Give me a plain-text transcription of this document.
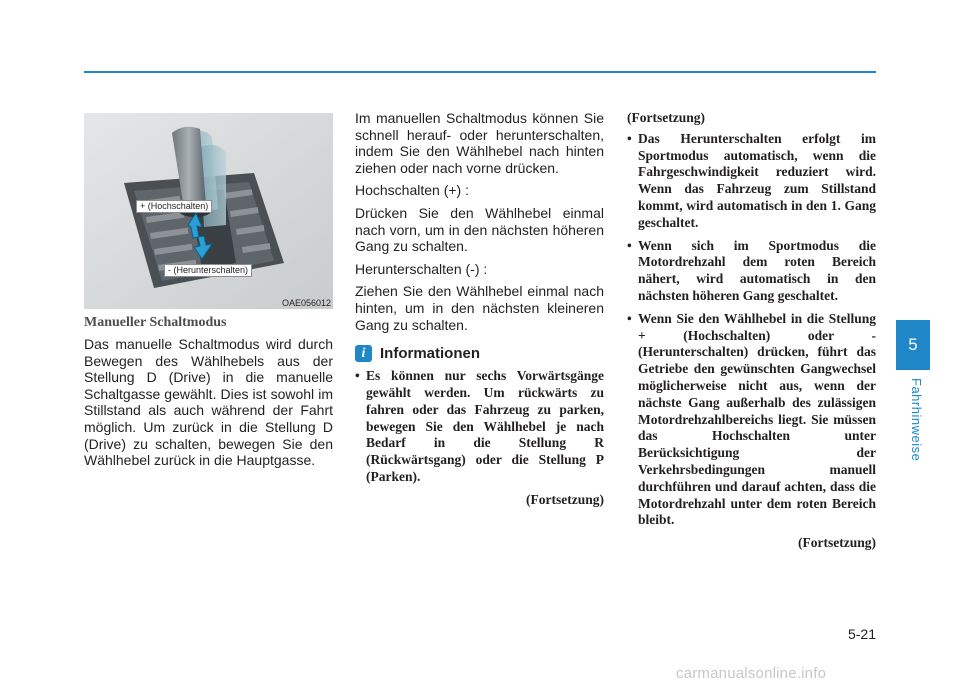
+ (Hochschalten)
- (Herunterschalten)
OAE056012
Manueller Schaltmodus

Das manuelle Schaltmodus wird durch Bewegen des Wählhebels aus der Stellung D (Drive) in die manuelle Schaltgasse gewählt. Dies ist sowohl im Stillstand als auch während der Fahrt möglich. Um zurück in die Stellung D (Drive) zu schalten, bewegen Sie den Wählhebel zurück in die Hauptgasse.

Im manuellen Schaltmodus können Sie schnell herauf- oder herunterschalten, indem Sie den Wählhebel nach hinten ziehen oder nach vorne drücken.

Hochschalten (+) :

Drücken Sie den Wählhebel einmal nach vorn, um in den nächsten höheren Gang zu schalten.

Herunterschalten (-) :

Ziehen Sie den Wählhebel einmal nach hinten, um in den nächsten kleineren Gang zu schalten.

i Informationen
• Es können nur sechs Vorwärtsgänge gewählt werden. Um rückwärts zu fahren oder das Fahrzeug zu parken, bewegen Sie den Wählhebel je nach Bedarf in die Stellung R (Rückwärtsgang) oder die Stellung P (Parken).

(Fortsetzung)

(Fortsetzung)

• Das Herunterschalten erfolgt im Sportmodus automatisch, wenn die Fahrgeschwindigkeit reduziert wird. Wenn das Fahrzeug zum Stillstand kommt, wird automatisch in den 1. Gang geschaltet.
• Wenn sich im Sportmodus die Motordrehzahl dem roten Bereich nähert, wird automatisch in den nächsten höheren Gang geschaltet.
• Wenn Sie den Wählhebel in die Stellung + (Hochschalten) oder - (Herunterschalten) drücken, führt das Getriebe den gewünschten Gangwechsel möglicherweise nicht aus, wenn der nächste Gang außerhalb des zulässigen Motordrehzahlbereichs liegt. Sie müssen das Hochschalten unter Berücksichtigung der Verkehrsbedingungen manuell durchführen und darauf achten, dass die Motordrehzahl unter dem roten Bereich bleibt.

(Fortsetzung)

5
Fahrhinweise
5-21
carmanualsonline.info
